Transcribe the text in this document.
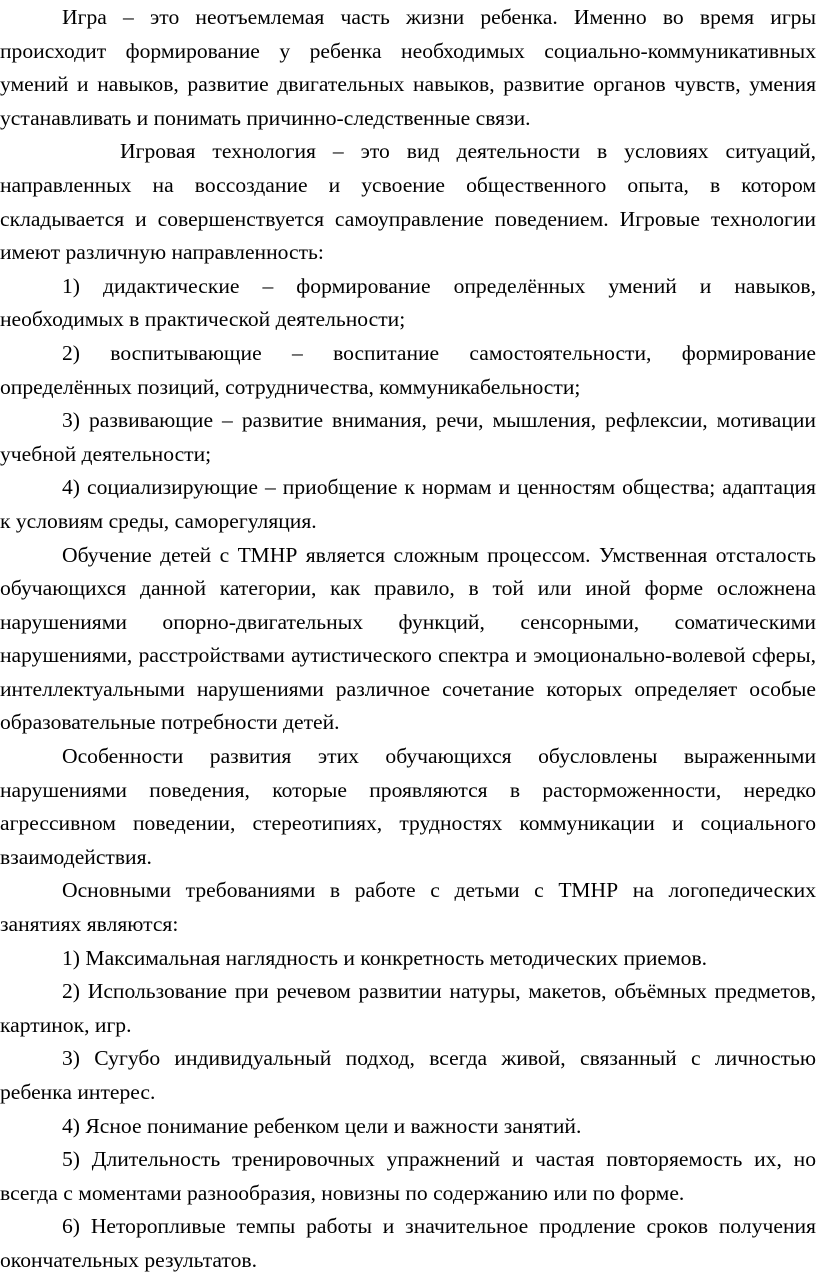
Игра – это неотъемлемая часть жизни ребенка. Именно во время игры происходит формирование у ребенка необходимых социально-коммуникативных умений и навыков, развитие двигательных навыков, развитие органов чувств, умения устанавливать и понимать причинно-следственные связи.

Игровая технология – это вид деятельности в условиях ситуаций, направленных на воссоздание и усвоение общественного опыта, в котором складывается и совершенствуется самоуправление поведением. Игровые технологии имеют различную направленность:

1) дидактические – формирование определённых умений и навыков, необходимых в практической деятельности;

2) воспитывающие – воспитание самостоятельности, формирование определённых позиций, сотрудничества, коммуникабельности;

3) развивающие – развитие внимания, речи, мышления, рефлексии, мотивации учебной деятельности;

4) социализирующие – приобщение к нормам и ценностям общества; адаптация к условиям среды, саморегуляция.

Обучение детей с ТМНР является сложным процессом. Умственная отсталость обучающихся данной категории, как правило, в той или иной форме осложнена нарушениями опорно-двигательных функций, сенсорными, соматическими нарушениями, расстройствами аутистического спектра и эмоционально-волевой сферы, интеллектуальными нарушениями различное сочетание которых определяет особые образовательные потребности детей.

Особенности развития этих обучающихся обусловлены выраженными нарушениями поведения, которые проявляются в расторможенности, нередко агрессивном поведении, стереотипиях, трудностях коммуникации и социального взаимодействия.

Основными требованиями в работе с детьми с ТМНР на логопедических занятиях являются:

1) Максимальная наглядность и конкретность методических приемов.

2) Использование при речевом развитии натуры, макетов, объёмных предметов, картинок, игр.

3) Сугубо индивидуальный подход, всегда живой, связанный с личностью ребенка интерес.

4) Ясное понимание ребенком цели и важности занятий.

5) Длительность тренировочных упражнений и частая повторяемость их, но всегда с моментами разнообразия, новизны по содержанию или по форме.

6) Неторопливые темпы работы и значительное продление сроков получения окончательных результатов.
